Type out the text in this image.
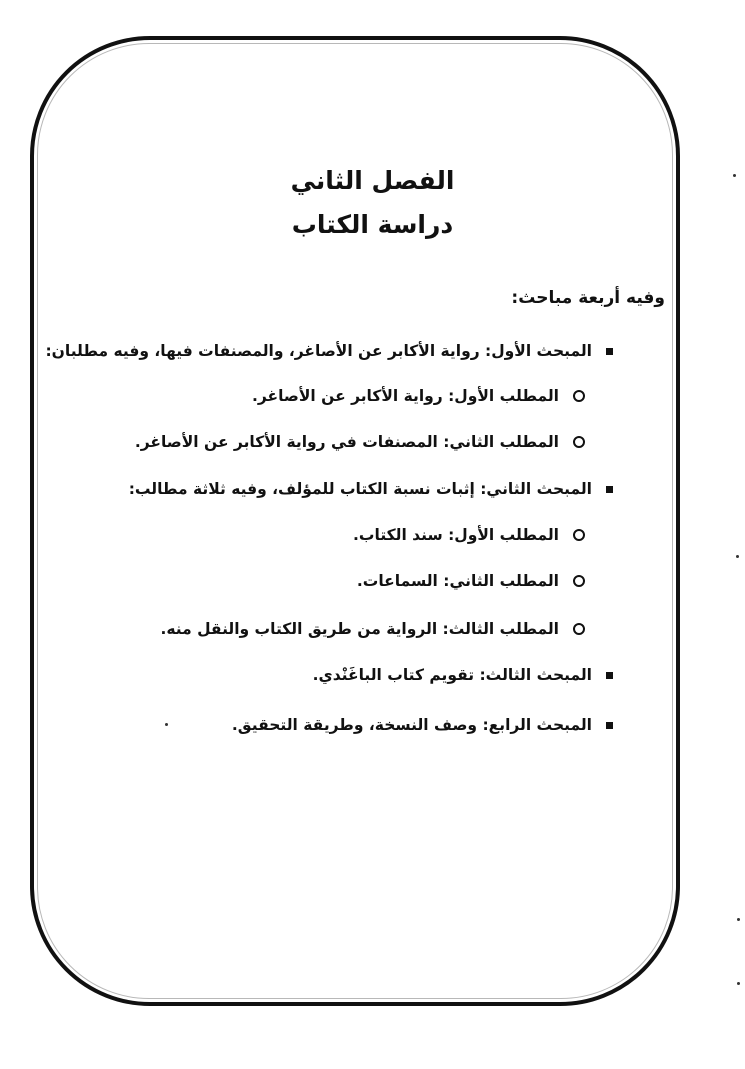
الفصل الثاني
دراسة الكتاب
وفيه أربعة مباحث:
المبحث الأول: رواية الأكابر عن الأصاغر، والمصنفات فيها، وفيه مطلبان:
المطلب الأول: رواية الأكابر عن الأصاغر.
المطلب الثاني: المصنفات في رواية الأكابر عن الأصاغر.
المبحث الثاني: إثبات نسبة الكتاب للمؤلف، وفيه ثلاثة مطالب:
المطلب الأول: سند الكتاب.
المطلب الثاني: السماعات.
المطلب الثالث: الرواية من طريق الكتاب والنقل منه.
المبحث الثالث: تقويم كتاب الباغَنْدي.
المبحث الرابع: وصف النسخة، وطريقة التحقيق.
